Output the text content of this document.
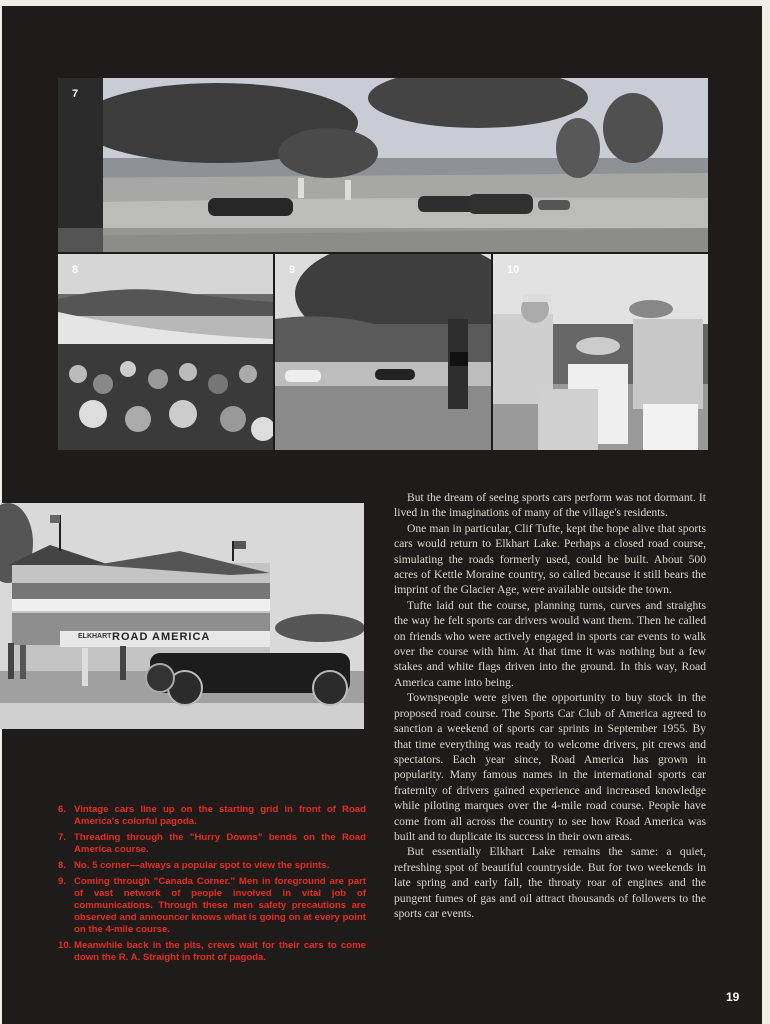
7
8	9	10
ROAD AMERICA
ELKHART

But the dream of seeing sports cars perform was not dormant. It lived in the imaginations of many of the village's residents.

One man in particular, Clif Tufte, kept the hope alive that sports cars would return to Elkhart Lake. Perhaps a closed road course, simulating the roads formerly used, could be built. About 500 acres of Kettle Moraine country, so called because it still bears the imprint of the Glacier Age, were available outside the town.

Tufte laid out the course, planning turns, curves and straights the way he felt sports car drivers would want them. Then he called on friends who were actively engaged in sports car events to walk over the course with him. At that time it was nothing but a few stakes and white flags driven into the ground. In this way, Road America came into being.

Townspeople were given the opportunity to buy stock in the proposed road course. The Sports Car Club of America agreed to sanction a weekend of sports car sprints in September 1955. By that time everything was ready to welcome drivers, pit crews and spectators. Each year since, Road America has grown in popularity. Many famous names in the international sports car fraternity of drivers gained experience and increased knowledge while piloting marques over the 4-mile road course. People have come from all across the country to see how Road America was built and to duplicate its success in their own areas.

But essentially Elkhart Lake remains the same: a quiet, refreshing spot of beautiful countryside. But for two weekends in late spring and early fall, the throaty roar of engines and the pungent fumes of gas and oil attract thousands of followers to the sports car events.

6. Vintage cars line up on the starting grid in front of Road America's colorful pagoda.
7. Threading through the "Hurry Downs" bends on the Road America course.
8. No. 5 corner—always a popular spot to view the sprints.
9. Coming through "Canada Corner." Men in foreground are part of vast network of people involved in vital job of communications. Through these men safety precautions are observed and announcer knows what is going on at every point on the 4-mile course.
10. Meanwhile back in the pits, crews wait for their cars to come down the R. A. Straight in front of pagoda.
19
